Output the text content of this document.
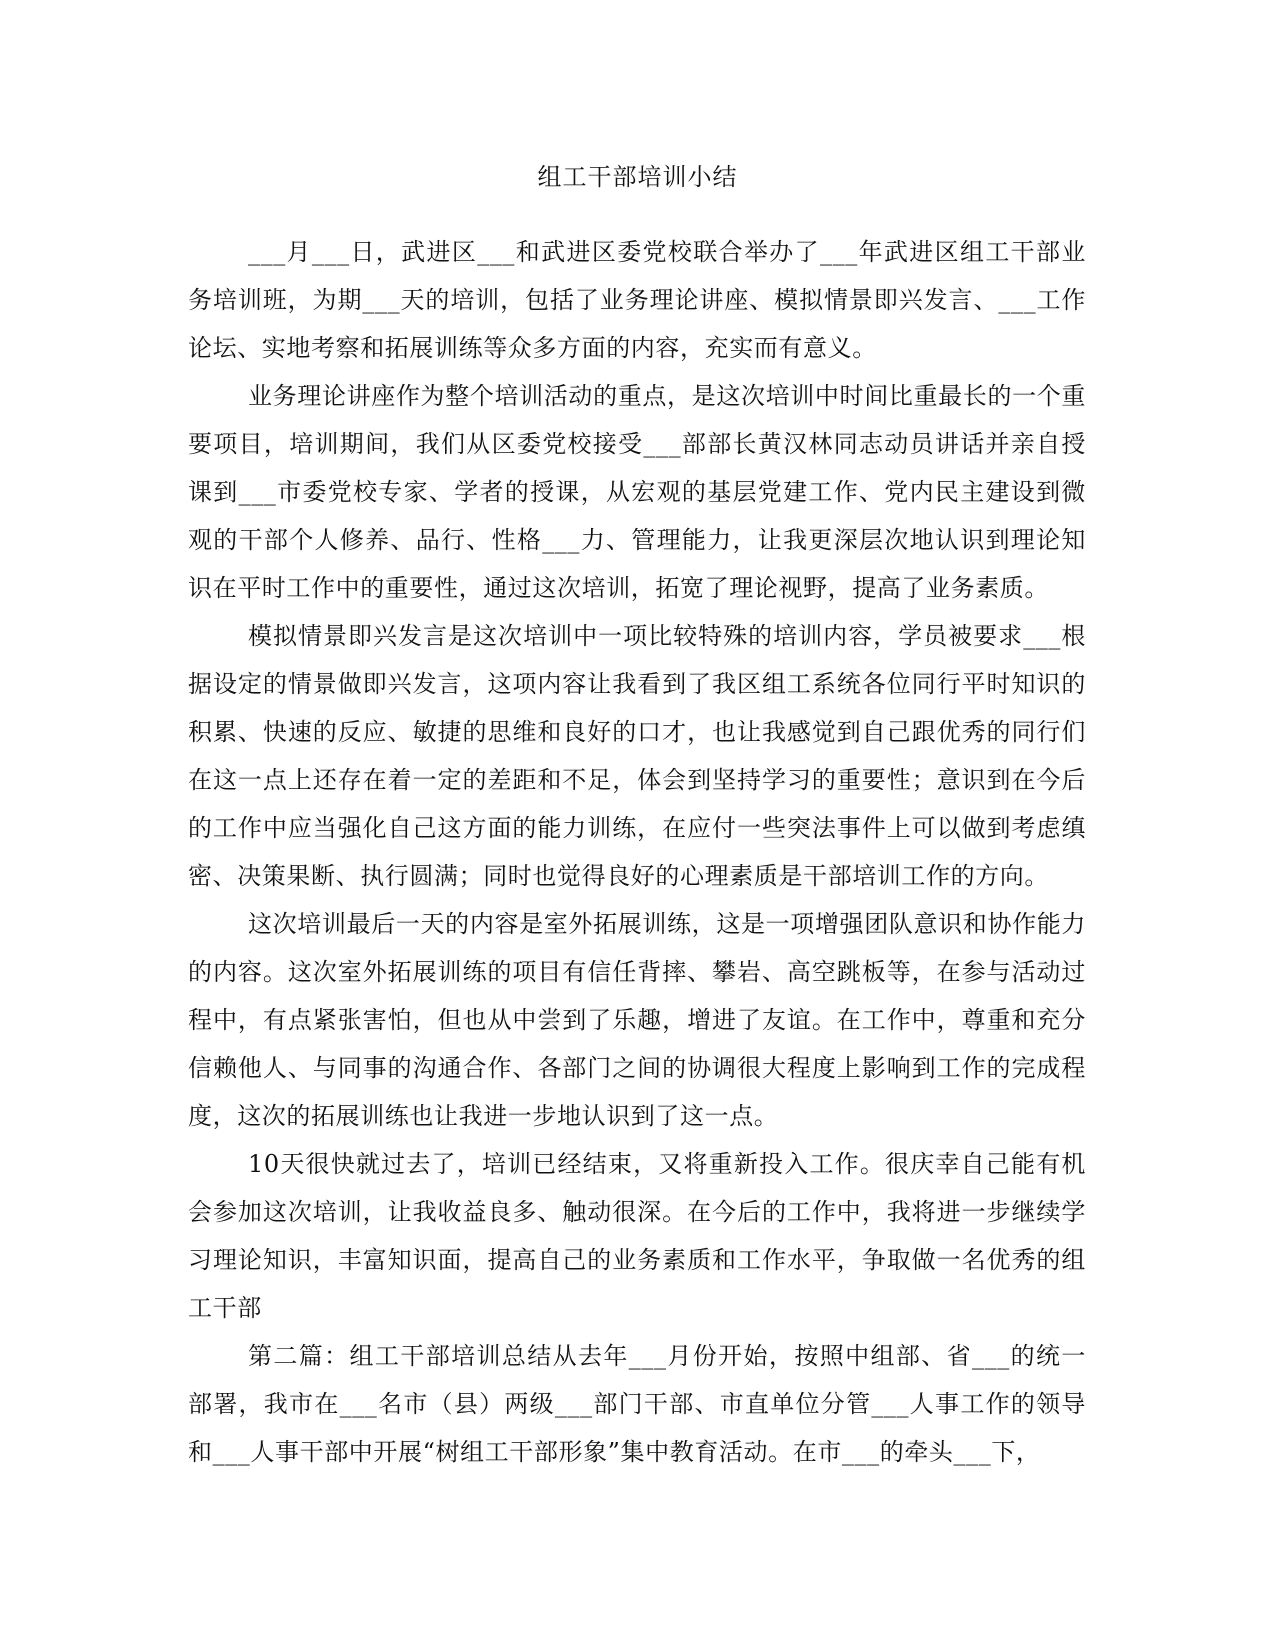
组工干部培训小结

___月___日，武进区___和武进区委党校联合举办了___年武进区组工干部业务培训班，为期___天的培训，包括了业务理论讲座、模拟情景即兴发言、___工作论坛、实地考察和拓展训练等众多方面的内容，充实而有意义。

业务理论讲座作为整个培训活动的重点，是这次培训中时间比重最长的一个重要项目，培训期间，我们从区委党校接受___部部长黄汉林同志动员讲话并亲自授课到___市委党校专家、学者的授课，从宏观的基层党建工作、党内民主建设到微观的干部个人修养、品行、性格___力、管理能力，让我更深层次地认识到理论知识在平时工作中的重要性，通过这次培训，拓宽了理论视野，提高了业务素质。

模拟情景即兴发言是这次培训中一项比较特殊的培训内容，学员被要求___根据设定的情景做即兴发言，这项内容让我看到了我区组工系统各位同行平时知识的积累、快速的反应、敏捷的思维和良好的口才，也让我感觉到自己跟优秀的同行们在这一点上还存在着一定的差距和不足，体会到坚持学习的重要性；意识到在今后的工作中应当强化自己这方面的能力训练，在应付一些突法事件上可以做到考虑缜密、决策果断、执行圆满；同时也觉得良好的心理素质是干部培训工作的方向。

这次培训最后一天的内容是室外拓展训练，这是一项增强团队意识和协作能力的内容。这次室外拓展训练的项目有信任背摔、攀岩、高空跳板等，在参与活动过程中，有点紧张害怕，但也从中尝到了乐趣，增进了友谊。在工作中，尊重和充分信赖他人、与同事的沟通合作、各部门之间的协调很大程度上影响到工作的完成程度，这次的拓展训练也让我进一步地认识到了这一点。

10天很快就过去了，培训已经结束，又将重新投入工作。很庆幸自己能有机会参加这次培训，让我收益良多、触动很深。在今后的工作中，我将进一步继续学习理论知识，丰富知识面，提高自己的业务素质和工作水平，争取做一名优秀的组工干部

第二篇：组工干部培训总结从去年___月份开始，按照中组部、省___的统一部署，我市在___名市（县）两级___部门干部、市直单位分管___人事工作的领导和___人事干部中开展“树组工干部形象”集中教育活动。在市___的牵头___下，
